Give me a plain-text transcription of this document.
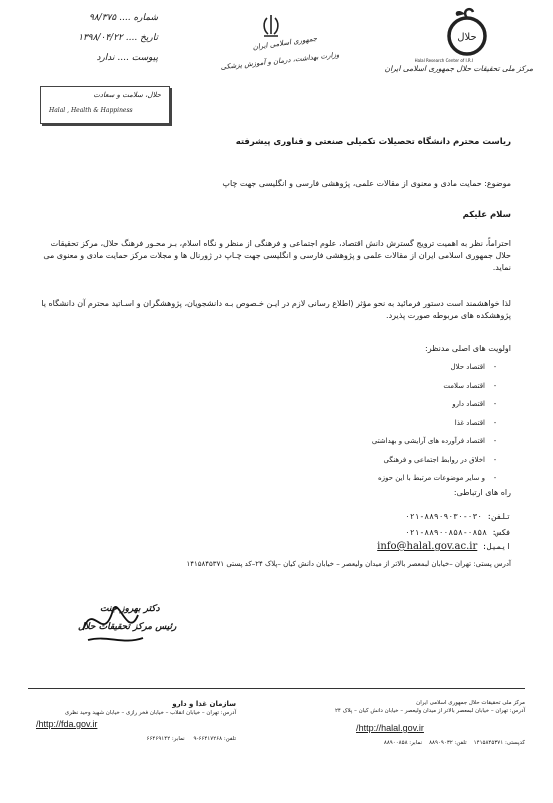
حلال
Halal Research Center of I.R.I
مرکز ملی تحقیقات حلال جمهوری اسلامی ایران
جمهوری اسلامی ایران
وزارت بهداشت، درمان و آموزش پزشکی
شماره .... ۹۸/۳۷۵
تاریخ .... ۱۳۹۸/۰۴/۲۲
پیوست .... ندارد
حلال، سلامت و سعادت
Halal , Health & Happiness
ریاست محترم دانشگاه تحصیلات تکمیلی صنعتی و فناوری پیشرفته
موضوع: حمایت مادی و معنوی از مقالات علمی، پژوهشی فارسی و انگلیسی جهت چاپ
سلام علیکم
احتراماً، نظر به اهمیت ترویج گسترش دانش اقتصاد، علوم اجتماعی و فرهنگی از منظر و نگاه اسلام، بـر محـور فرهنگ حلال، مرکز تحقیقات حلال جمهوری اسلامی ایران از مقالات علمی و پژوهشی فارسی و انگلیسی جهت چـاپ در ژورنال ها و مجلات مرکز حمایت مادی و معنوی می نماید.
لذا خواهشمند است دستور فرمائید به نحو مؤثر (اطلاع رسانی لازم در ایـن خـصوص بـه دانشجویان، پژوهشگران و اسـاتید محترم آن دانشگاه یا پژوهشکده های مربوطه صورت پذیرد.
اولویت های اصلی مدنظر:
- اقتصاد حلال
- اقتصاد سلامت
- اقتصاد دارو
- اقتصاد غذا
- اقتصاد فرآورده های آرایشی و بهداشتی
- اخلاق در روابط اجتماعی و فرهنگی
- و سایر موضوعات مرتبط با این حوزه
راه های ارتباطی:
تلفن: ۰۳۰-۸۸۹۰۹۰۳۰-۰۲۱
فکس: ۰۸۵۸-۸۸۹۰۰۸۵۸-۰۲۱
ایمیل: info@halal.gov.ac.ir
آدرس پستی: تهران –خیابان لبمعصر بالاتر از میدان ولیعصر – خیابان دانش کیان –پلاک ۲۴–کد پستی ۱۴۱۵۸۴۵۳۷۱
دکتر بهروز جنت
رئیس مرکز تحقیقات حلال
سازمان غذا و دارو
آدرس: تهران – خیابان انقلاب – خیابان فخر رازی – خیابان شهید وحید نظری
http://fda.gov.ir/
تلفن: ۶۶۴۱۷۲۶۸-۹     نمابر: ۶۶۴۶۹۱۴۲
مرکز ملی تحقیقات حلال جمهوری اسلامی ایران
آدرس: تهران – خیابان لبمعصر بالاتر از میدان ولیعصر – خیابان دانش کیان – پلاک ۲۴
http://halal.gov.ir/
کدپستی: ۱۴۱۵۸۴۵۳۷۱    تلفن: ۸۸۹۰۹۰۳۲    نمابر: ۸۸۹۰۰۸۵۸
